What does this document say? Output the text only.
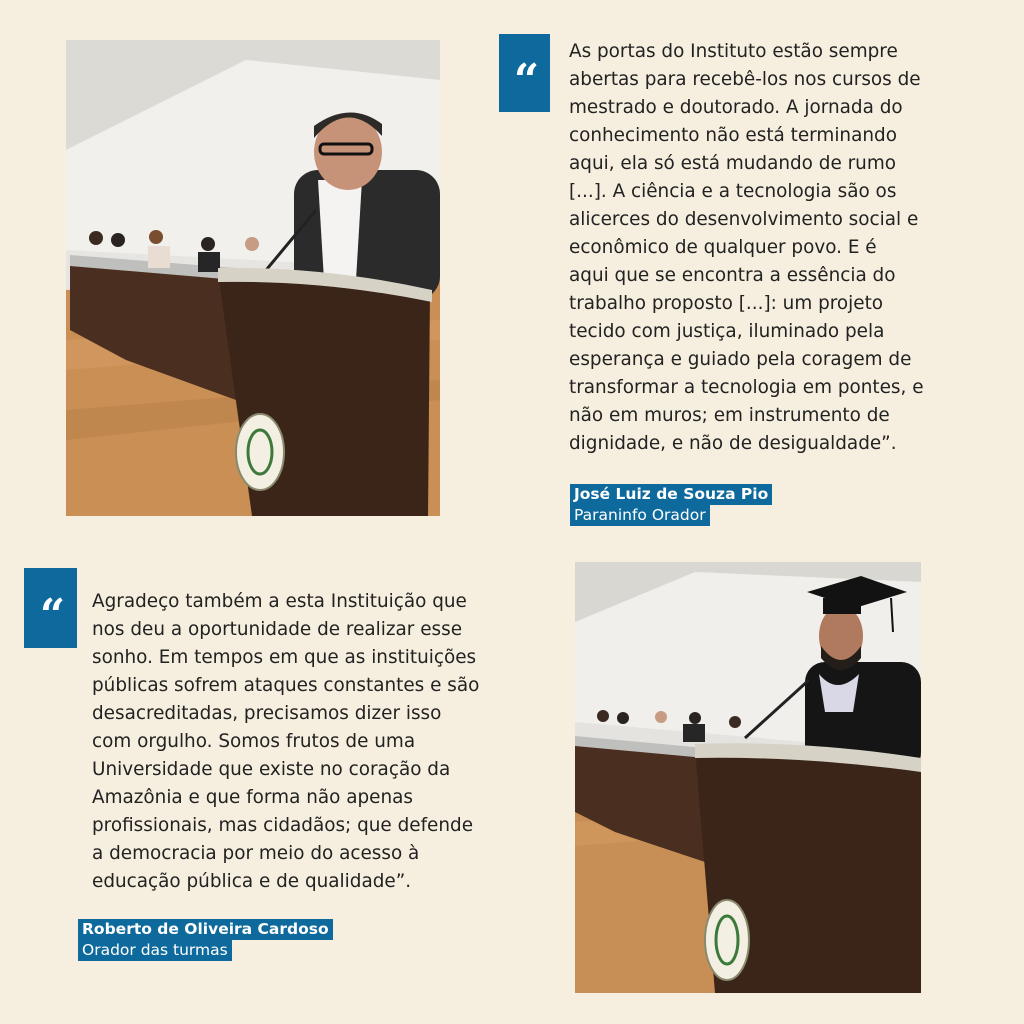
“
As portas do Instituto estão sempre
abertas para recebê-los nos cursos de
mestrado e doutorado. A jornada do
conhecimento não está terminando
aqui, ela só está mudando de rumo
[...]. A ciência e a tecnologia são os
alicerces do desenvolvimento social e
econômico de qualquer povo. E é
aqui que se encontra a essência do
trabalho proposto [...]: um projeto
tecido com justiça, iluminado pela
esperança e guiado pela coragem de
transformar a tecnologia em pontes, e
não em muros; em instrumento de
dignidade, e não de desigualdade”.
José Luiz de Souza Pio
Paraninfo Orador
“ Agradeço também a esta Instituição que
nos deu a oportunidade de realizar esse
sonho. Em tempos em que as instituições
públicas sofrem ataques constantes e são
desacreditadas, precisamos dizer isso
com orgulho. Somos frutos de uma
Universidade que existe no coração da
Amazônia e que forma não apenas
profissionais, mas cidadãos; que defende
a democracia por meio do acesso à
educação pública e de qualidade”.
Roberto de Oliveira Cardoso
Orador das turmas
